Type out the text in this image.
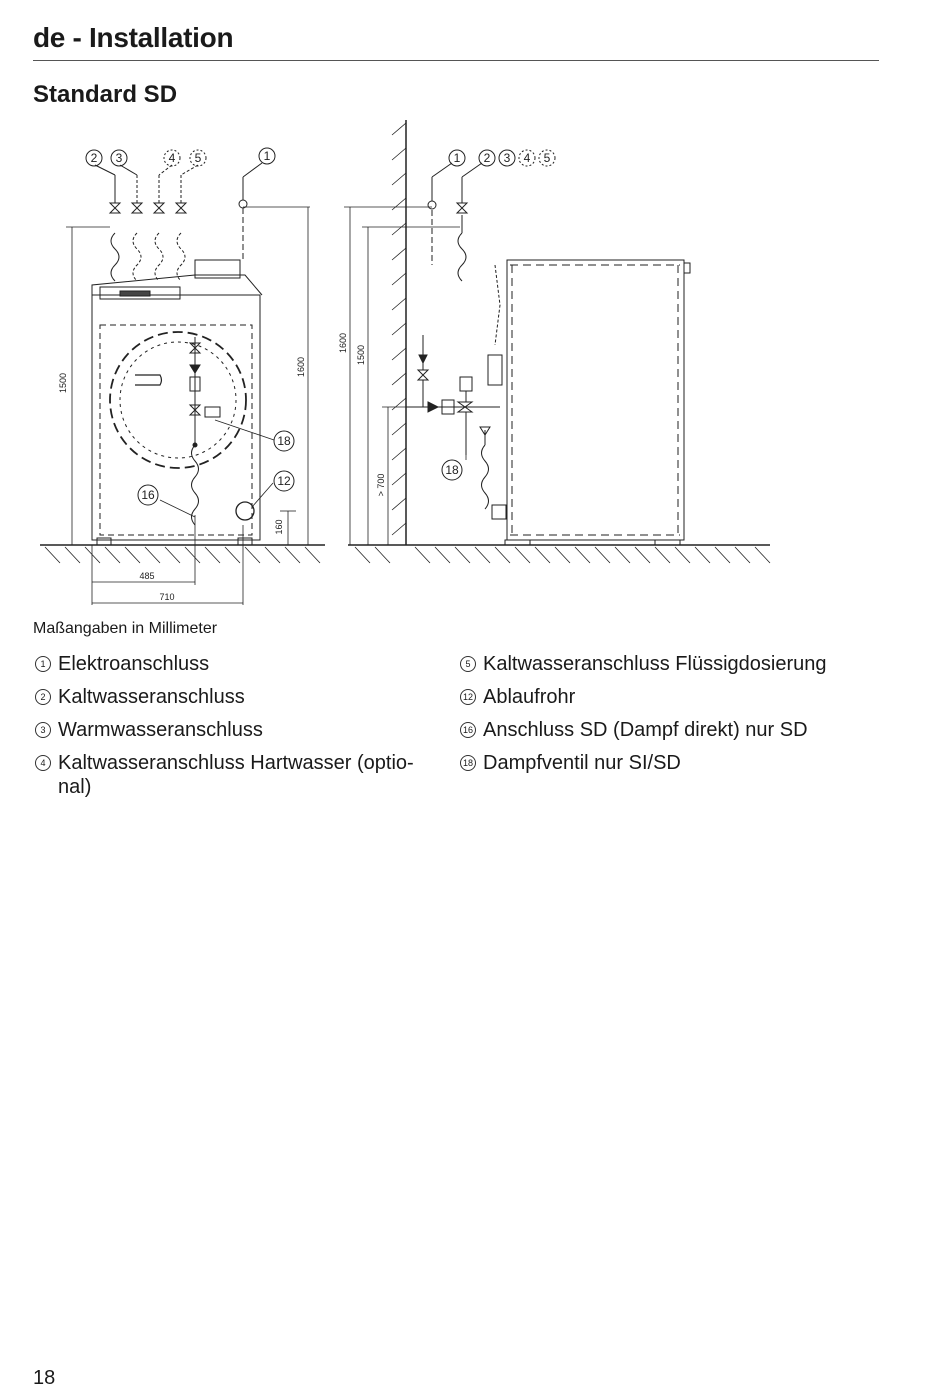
de - Installation
Standard SD
2 3	4 5	1
18
12
16
1500
1600
160
485
710
1 2 3 4 5
18
1600
1500
> 700
Maßangaben in Millimeter
1 Elektroanschluss
2 Kaltwasseranschluss
3 Warmwasseranschluss
4 Kaltwasseranschluss Hartwasser (optio-nal)
5 Kaltwasseranschluss Flüssigdosierung
12 Ablaufrohr
16 Anschluss SD (Dampf direkt) nur SD
18 Dampfventil nur SI/SD
18
